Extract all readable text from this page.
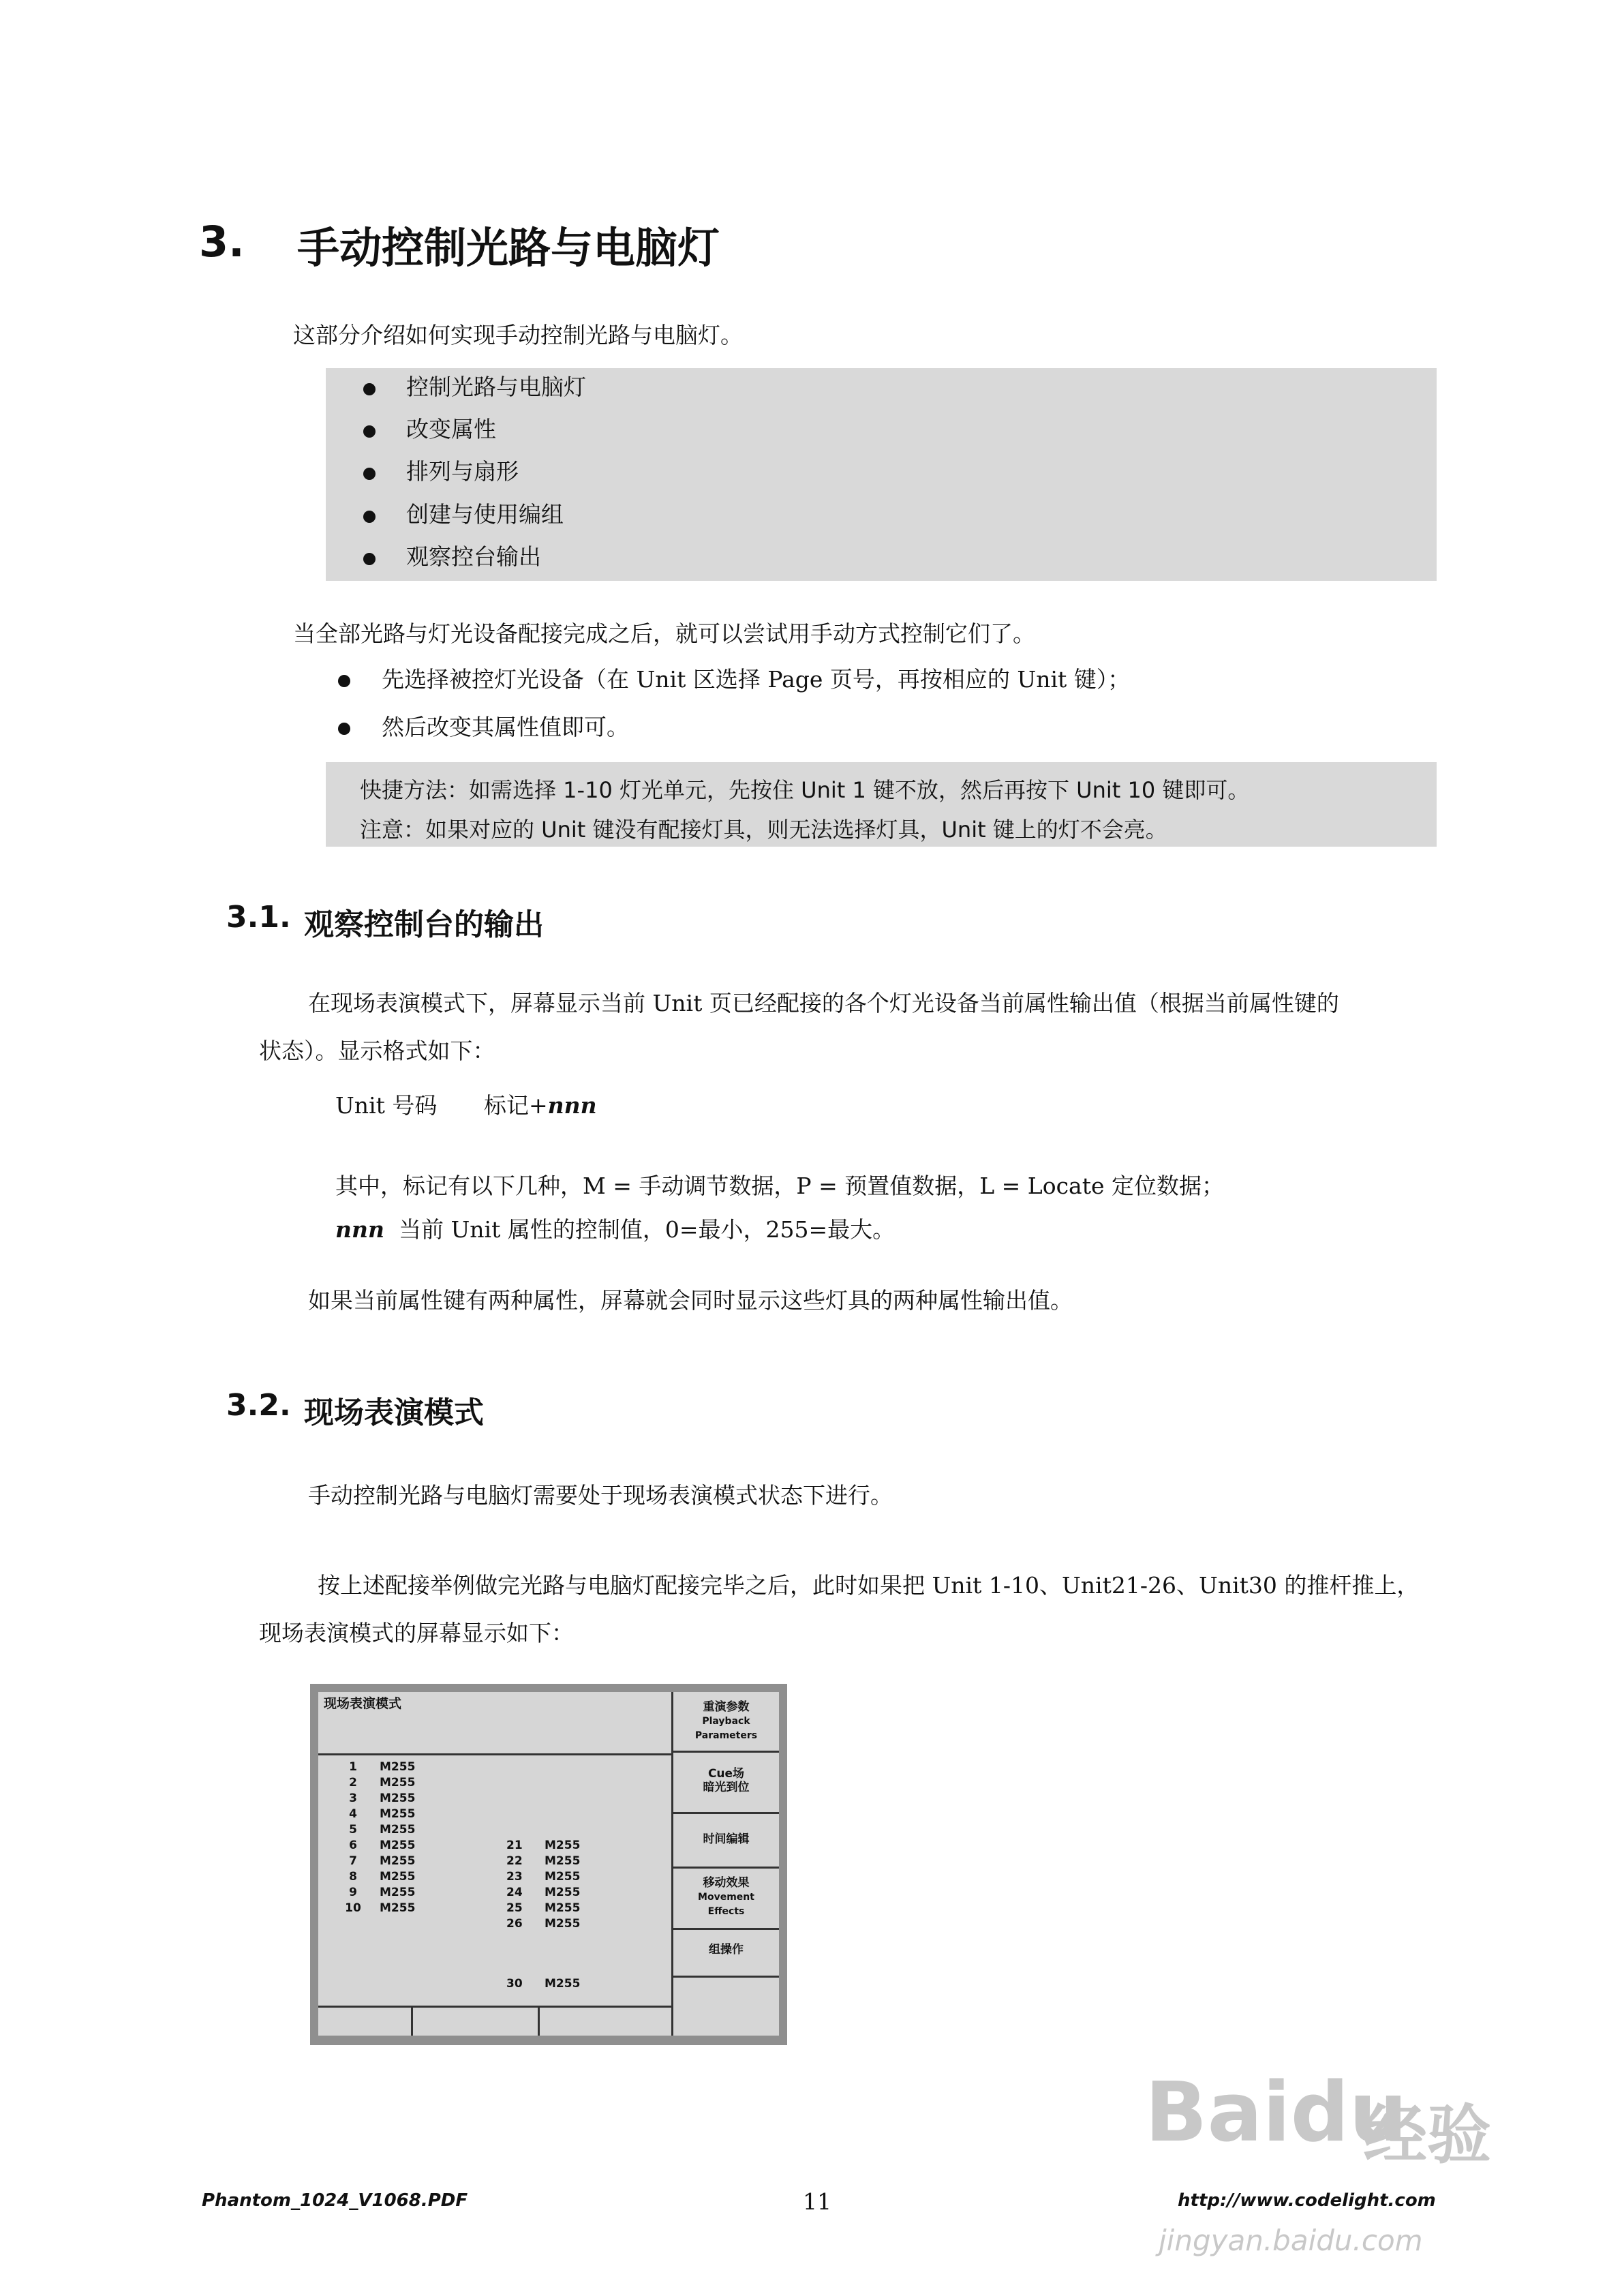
3. 手动控制光路与电脑灯
这部分介绍如何实现手动控制光路与电脑灯。
控制光路与电脑灯
改变属性
排列与扇形
创建与使用编组
观察控台输出
当全部光路与灯光设备配接完成之后，就可以尝试用手动方式控制它们了。
先选择被控灯光设备（在 Unit 区选择 Page 页号，再按相应的 Unit 键）；
然后改变其属性值即可。
快捷方法：如需选择 1-10 灯光单元，先按住 Unit 1 键不放，然后再按下 Unit 10 键即可。
注意：如果对应的 Unit 键没有配接灯具，则无法选择灯具，Unit 键上的灯不会亮。
3.1. 观察控制台的输出
在现场表演模式下，屏幕显示当前 Unit 页已经配接的各个灯光设备当前属性输出值（根据当前属性键的
状态）。显示格式如下：
Unit 号码 标记+nnn
其中，标记有以下几种，M = 手动调节数据，P = 预置值数据，L = Locate 定位数据；
nnn 当前 Unit 属性的控制值，0=最小，255=最大。
如果当前属性键有两种属性，屏幕就会同时显示这些灯具的两种属性输出值。
3.2. 现场表演模式
手动控制光路与电脑灯需要处于现场表演模式状态下进行。
按上述配接举例做完光路与电脑灯配接完毕之后，此时如果把 Unit 1-10、Unit21-26、Unit30 的推杆推上，
现场表演模式的屏幕显示如下：
现场表演模式
1 M255
2 M255
3 M255
4 M255
5 M255
6 M255
7 M255
8 M255
9 M255
10 M255
21 M255
22 M255
23 M255
24 M255
25 M255
26 M255
30 M255
重演参数
Playback
Parameters
Cue场
暗光到位
时间编辑
移动效果
Movement
Effects
组操作
Phantom_1024_V1068.PDF	11	http://www.codelight.com
Baidu
经验
jingyan.baidu.com
